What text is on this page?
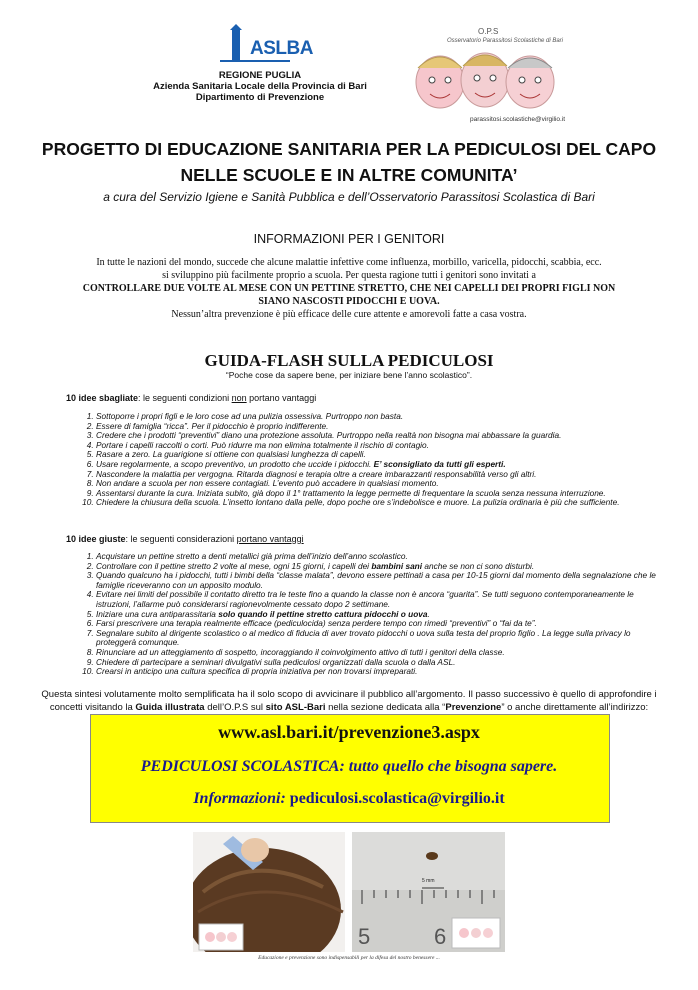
ASLBA
REGIONE PUGLIA
Azienda Sanitaria Locale della Provincia di Bari
Dipartimento di Prevenzione
O.P.S
Osservatorio Parassitosi Scolastiche di Bari
parassitosi.scolastiche@virgilio.it
PROGETTO DI EDUCAZIONE SANITARIA PER LA PEDICULOSI DEL CAPO
NELLE SCUOLE E IN ALTRE COMUNITA’
a cura del Servizio Igiene e Sanità Pubblica e dell’Osservatorio Parassitosi Scolastica di Bari
INFORMAZIONI PER I GENITORI
In tutte le nazioni del mondo, succede che alcune malattie infettive come influenza, morbillo, varicella, pidocchi, scabbia, ecc.
si sviluppino più facilmente proprio a scuola. Per questa ragione tutti i genitori sono invitati a
CONTROLLARE DUE VOLTE AL MESE CON UN PETTINE STRETTO, CHE NEI CAPELLI DEI PROPRI FIGLI NON
SIANO NASCOSTI PIDOCCHI E UOVA.
Nessun’altra prevenzione è più efficace delle cure attente e amorevoli fatte a casa vostra.
GUIDA-FLASH SULLA PEDICULOSI
“Poche cose da sapere bene, per iniziare bene l’anno scolastico”.
10 idee sbagliate: le seguenti condizioni non portano vantaggi
1. Sottoporre i propri figli e le loro cose ad una pulizia ossessiva. Purtroppo non basta.
2. Essere di famiglia “ricca”. Per il pidocchio è proprio indifferente.
3. Credere che i prodotti “preventivi” diano una protezione assoluta. Purtroppo nella realtà non bisogna mai abbassare la guardia.
4. Portare i capelli raccolti o corti. Può ridurre ma non elimina totalmente il rischio di contagio.
5. Rasare a zero. La guarigione si ottiene con qualsiasi lunghezza di capelli.
6. Usare regolarmente, a scopo preventivo, un prodotto che uccide i pidocchi. E’ sconsigliato da tutti gli esperti.
7. Nascondere la malattia per vergogna. Ritarda diagnosi e terapia oltre a creare imbarazzanti responsabilità verso gli altri.
8. Non andare a scuola per non essere contagiati. L’evento può accadere in qualsiasi momento.
9. Assentarsi durante la cura. Iniziata subito, già dopo il 1° trattamento la legge permette di frequentare la scuola senza nessuna interruzione.
10. Chiedere la chiusura della scuola. L’insetto lontano dalla pelle, dopo poche ore s’indebolisce e muore. La pulizia ordinaria è più che sufficiente.
10 idee giuste: le seguenti considerazioni portano vantaggi
1. Acquistare un pettine stretto a denti metallici già prima dell’inizio dell’anno scolastico.
2. Controllare con il pettine stretto 2 volte al mese, ogni 15 giorni, i capelli dei bambini sani anche se non ci sono disturbi.
3. Quando qualcuno ha i pidocchi, tutti i bimbi della “classe malata”, devono essere pettinati a casa per 10-15 giorni dal momento della segnalazione che le famiglie riceveranno con un apposito modulo.
4. Evitare nei limiti del possibile il contatto diretto tra le teste fino a quando la classe non è ancora “guarita”. Se tutti seguono contemporaneamente le istruzioni, l’allarme può considerarsi ragionevolmente cessato dopo 2 settimane.
5. Iniziare una cura antiparassitaria solo quando il pettine stretto cattura pidocchi o uova.
6. Farsi prescrivere una terapia realmente efficace (pediculocida) senza perdere tempo con rimedi “preventivi” o “fai da te”.
7. Segnalare subito al dirigente scolastico o al medico di fiducia di aver trovato pidocchi o uova sulla testa del proprio figlio . La legge sulla privacy lo proteggerà comunque.
8. Rinunciare ad un atteggiamento di sospetto, incoraggiando il coinvolgimento attivo di tutti i genitori della classe.
9. Chiedere di partecipare a seminari divulgativi sulla pediculosi organizzati dalla scuola o dalla ASL.
10. Crearsi in anticipo una cultura specifica di propria iniziativa per non trovarsi impreparati.
Questa sintesi volutamente molto semplificata ha il solo scopo di avvicinare il pubblico all’argomento. Il passo successivo è quello di approfondire i concetti visitando la Guida illustrata dell’O.P.S sul sito ASL-Bari nella sezione dedicata alla “Prevenzione” o anche direttamente all’indirizzo:
www.asl.bari.it/prevenzione3.aspx
PEDICULOSI SCOLASTICA: tutto quello che bisogna sapere.
Informazioni: pediculosi.scolastica@virgilio.it
5 mm
5	6
Educazione e prevenzione sono indispensabili per la difesa del nostro benessere ...
